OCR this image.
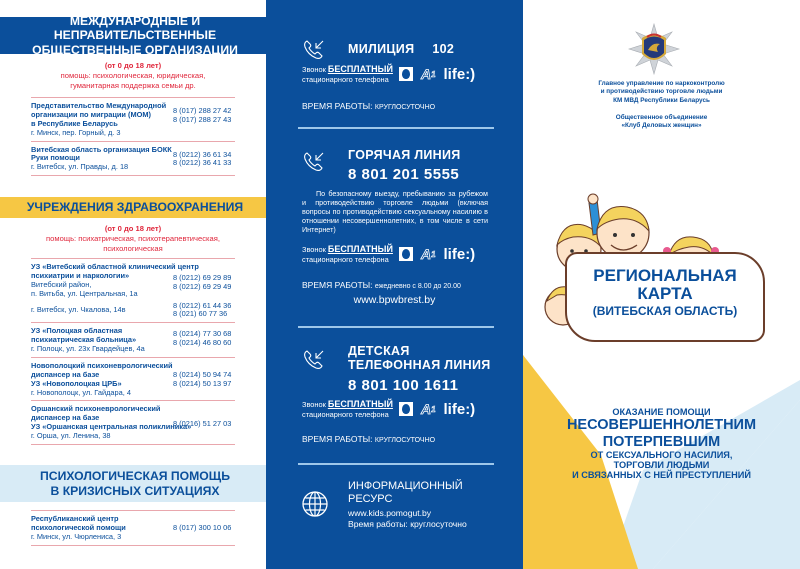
МЕЖДУНАРОДНЫЕ И НЕПРАВИТЕЛЬСТВЕННЫЕ
ОБЩЕСТВЕННЫЕ ОРГАНИЗАЦИИ
(от 0 до 18 лет)
помощь: психологическая, юридическая,
гуманитарная поддержка семьи др.
Представительство Международной
организации по миграции (МОМ)
в Республике Беларусь
г. Минск, пер. Горный, д. 3
8 (017) 288 27 42
8 (017) 288 27 43
Витебская область организация БОКК
Руки помощи
г. Витебск, ул. Правды, д. 18
8 (0212) 36 61 34
8 (0212) 36 41 33
УЧРЕЖДЕНИЯ ЗДРАВООХРАНЕНИЯ
(от 0 до 18 лет)
помощь: психатрическая, психотерапевтическая,
психологическая
УЗ «Витебский областной клинический центр
психиатрии и наркологии»
Витебский район,
п. Витьба, ул. Центральная, 1а
8 (0212) 69 29 89
8 (0212) 69 29 49
г. Витебск, ул. Чкалова, 14в	8 (0212) 61 44 36
8 (021) 60 77 36
УЗ «Полоцкая областная
психиатрическая больница»
г. Полоцк, ул. 23х Гвардейцев, 4а
8 (0214) 77 30 68
8 (0214) 46 80 60
Новополоцкий психоневрологический
диспансер на базе
УЗ «Новополоцкая ЦРБ»
г. Новополоцк, ул. Гайдара, 4
8 (0214) 50 94 74
8 (0214) 50 13 97
Оршанский психоневрологический
диспансер на базе
УЗ «Оршанская центральная поликлиника»
г. Орша, ул. Ленина, 38
8 (0216) 51 27 03
ПСИХОЛОГИЧЕСКАЯ ПОМОЩЬ
В КРИЗИСНЫХ СИТУАЦИЯХ
Республиканский центр
психологической помощи
г. Минск, ул. Чюрлениса, 3
8 (017) 300 10 06
МИЛИЦИЯ 102
Звонок БЕСПЛАТНЫЙ
стационарного телефона A 1 life:)
ВРЕМЯ РАБОТЫ: КРУГЛОСУТОЧНО
ГОРЯЧАЯ ЛИНИЯ
8 801 201 5555
По безопасному выезду, пребыванию за рубежом и противодействию торговле людьми (включая вопросы по противодействию сексуальному насилию в отношении несовершеннолетних, в том числе в сети Интернет)
Звонок БЕСПЛАТНЫЙ
стационарного телефона A 1 life:)
ВРЕМЯ РАБОТЫ: ежедневно с 8.00 до 20.00
www.bpwbrest.by
ДЕТСКАЯ
ТЕЛЕФОННАЯ ЛИНИЯ
8 801 100 1611
Звонок БЕСПЛАТНЫЙ
стационарного телефона A 1 life:)
ВРЕМЯ РАБОТЫ: КРУГЛОСУТОЧНО
ИНФОРМАЦИОННЫЙ
РЕСУРС
www.kids.pomogut.by
Время работы: круглосуточно
Главное управление по наркоконтролю
и противодействию торговле людьми
КМ МВД Республики Беларусь
Общественное объединение
«Клуб Деловых женщин»
РЕГИОНАЛЬНАЯ
КАРТА
(ВИТЕБСКАЯ ОБЛАСТЬ)
ОКАЗАНИЕ ПОМОЩИ
НЕСОВЕРШЕННОЛЕТНИМ
ПОТЕРПЕВШИМ
ОТ СЕКСУАЛЬНОГО НАСИЛИЯ,
ТОРГОВЛИ ЛЮДЬМИ
И СВЯЗАННЫХ С НЕЙ ПРЕСТУПЛЕНИЙ
